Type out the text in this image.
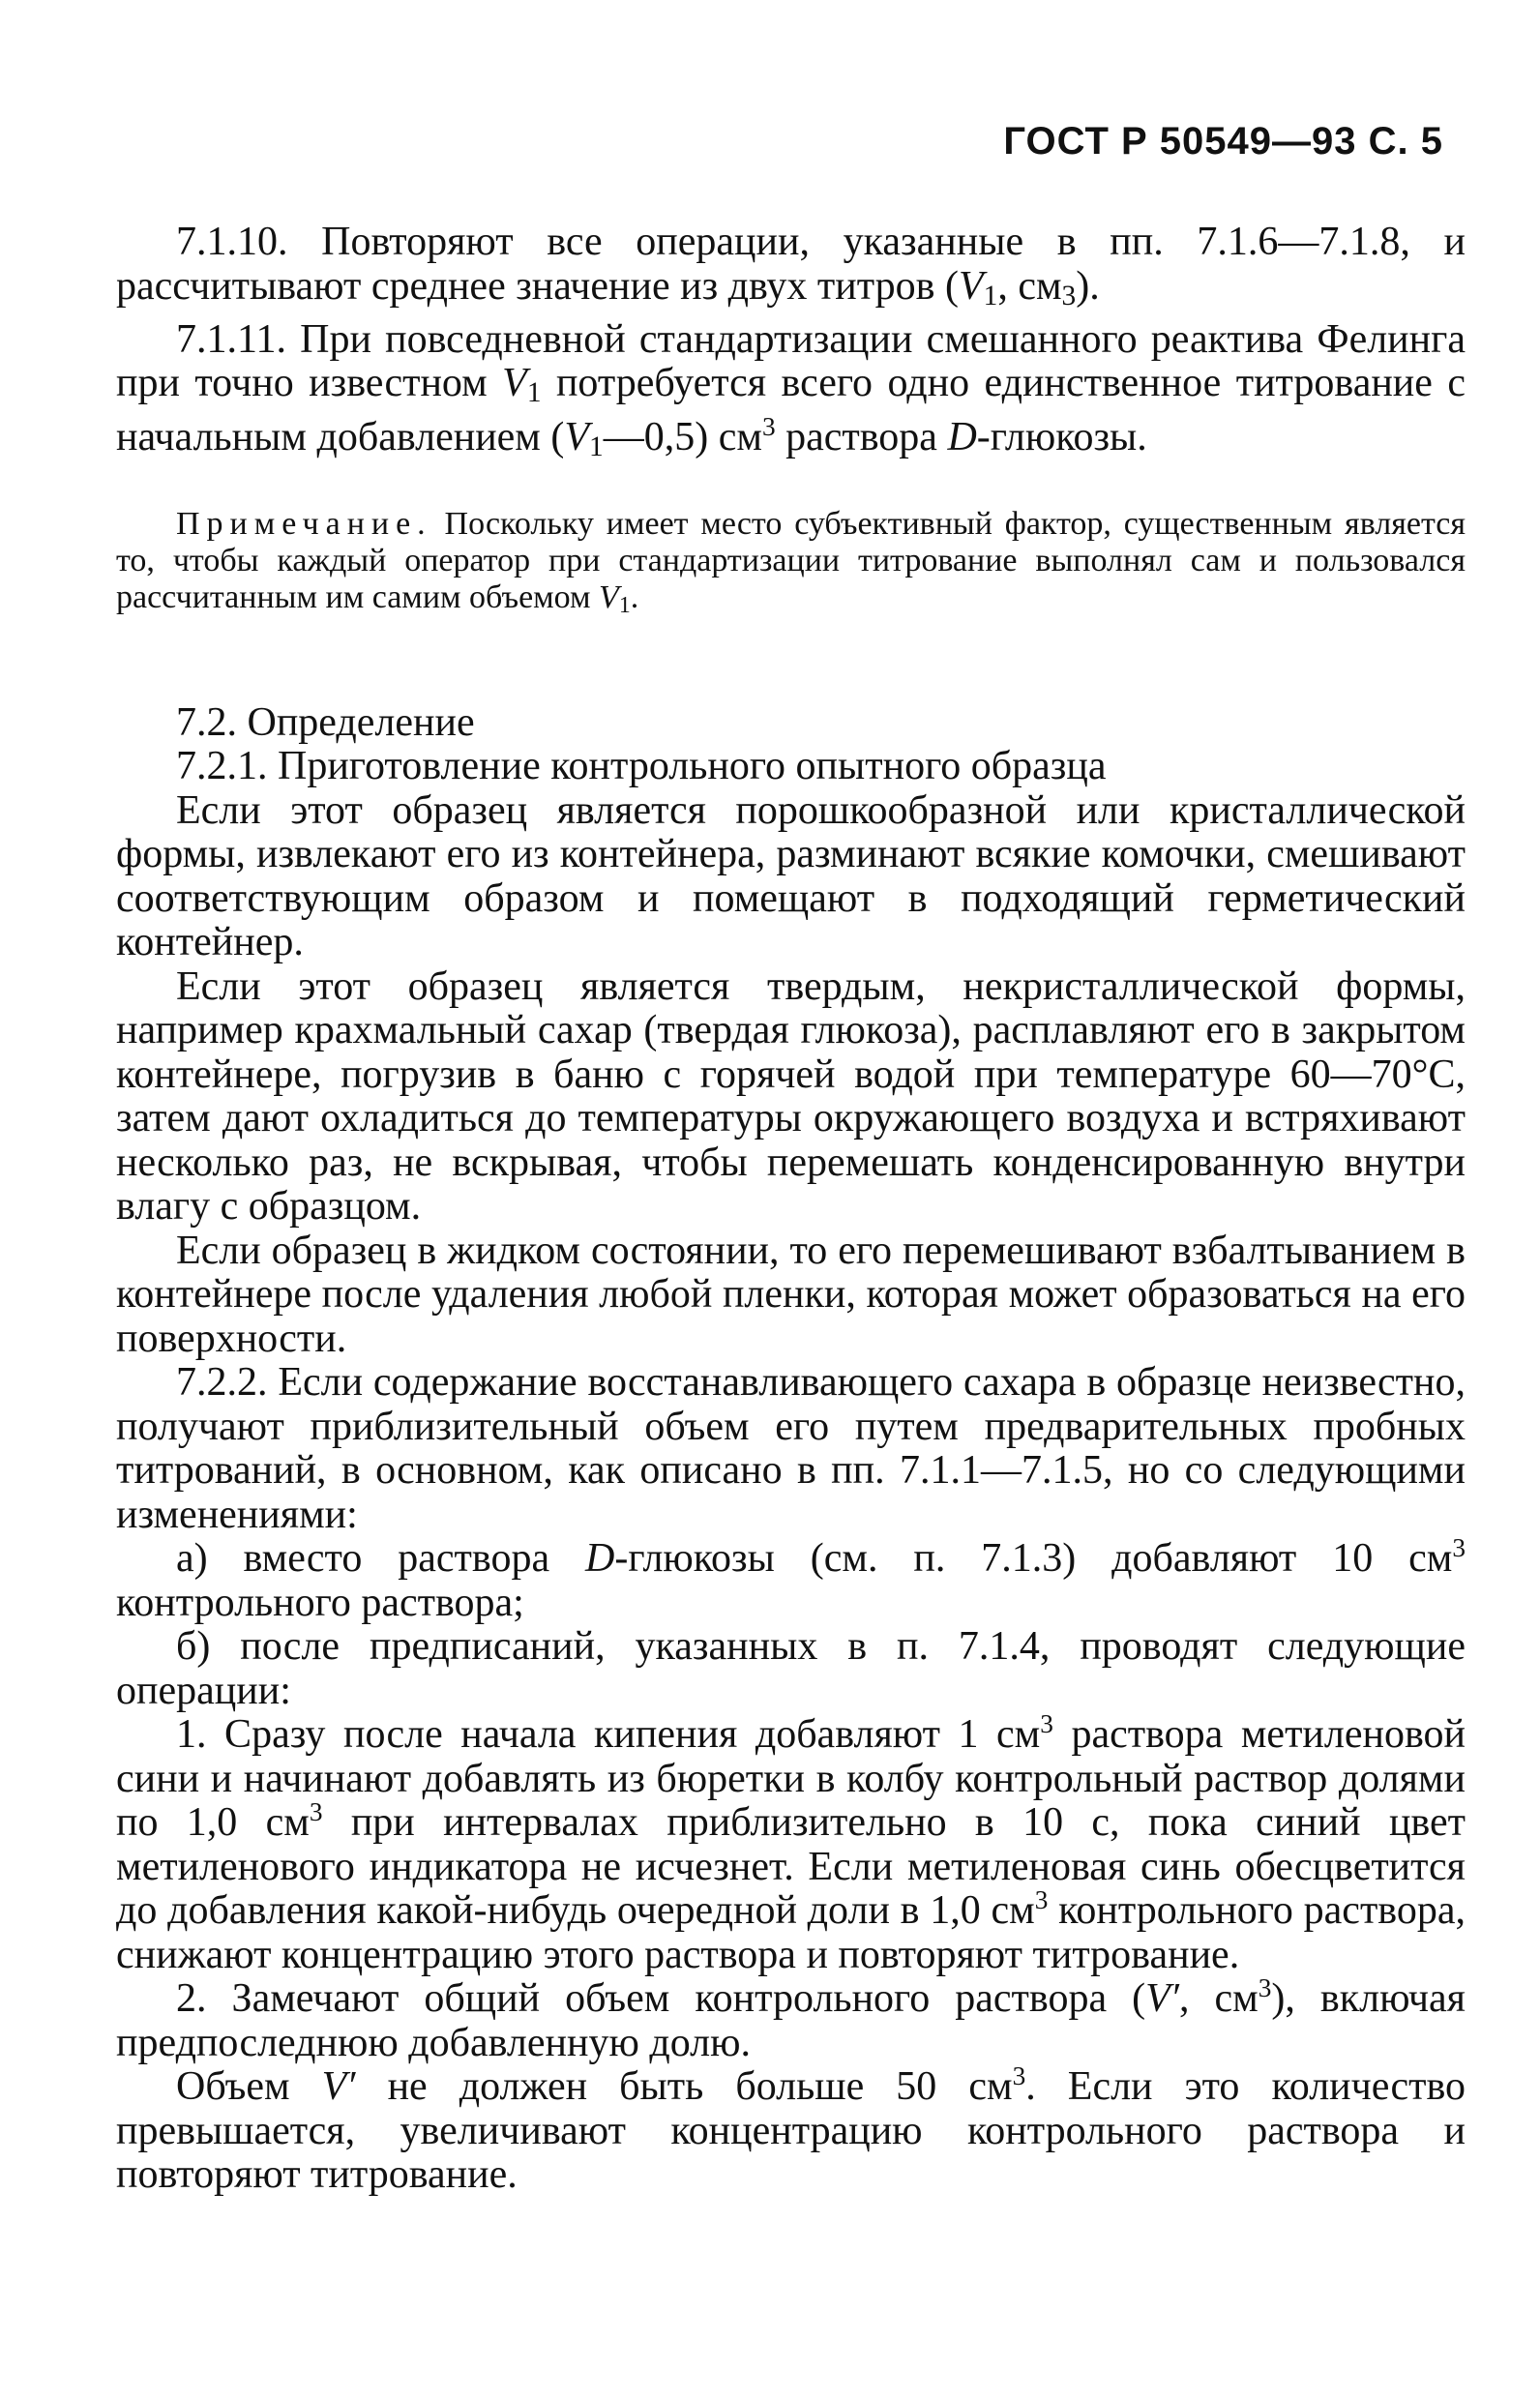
ГОСТ Р 50549—93 С. 5

7.1.10. Повторяют все операции, указанные в пп. 7.1.6—7.1.8, и рассчитывают среднее значение из двух титров ($V_1$, $см_3$).

7.1.11. При повседневной стандартизации смешанного реактива Фелинга при точно известном $V_1$ потребуется всего одно единственное титрование с начальным добавлением $(V_1—0,5)$ $см^3$ раствора D-глюкозы.

Примечание. Поскольку имеет место субъективный фактор, существенным является то, чтобы каждый оператор при стандартизации титрование выполнял сам и пользовался рассчитанным им самим объемом V1.

7.2. Определение

7.2.1. Приготовление контрольного опытного образца

Если этот образец является порошкообразной или кристаллической формы, извлекают его из контейнера, разминают всякие комочки, смешивают соответствующим образом и помещают в подходящий герметический контейнер.

Если этот образец является твердым, некристаллической формы, например крахмальный сахар (твердая глюкоза), расплавляют его в закрытом контейнере, погрузив в баню с горячей водой при температуре 60—70°С, затем дают охладиться до температуры окружающего воздуха и встряхивают несколько раз, не вскрывая, чтобы перемешать конденсированную внутри влагу с образцом.

Если образец в жидком состоянии, то его перемешивают взбалтыванием в контейнере после удаления любой пленки, которая может образоваться на его поверхности.

7.2.2. Если содержание восстанавливающего сахара в образце неизвестно, получают приблизительный объем его путем предварительных пробных титрований, в основном, как описано в пп. 7.1.1—7.1.5, но со следующими изменениями:

а) вместо раствора D-глюкозы (см. п. 7.1.3) добавляют 10 $см^3$ контрольного раствора;

б) после предписаний, указанных в п. 7.1.4, проводят следующие операции:

1. Сразу после начала кипения добавляют 1 $см^3$ раствора метиленовой сини и начинают добавлять из бюретки в колбу контрольный раствор долями по 1,0 $см^3$ при интервалах приблизительно в 10 с, пока синий цвет метиленового индикатора не исчезнет. Если метиленовая синь обесцветится до добавления какой-нибудь очередной доли в 1,0 $см^3$ контрольного раствора, снижают концентрацию этого раствора и повторяют титрование.

2. Замечают общий объем контрольного раствора (V′, $см^3$), включая предпоследнюю добавленную долю.

Объем V′ не должен быть больше 50 $см^3$. Если это количество превышается, увеличивают концентрацию контрольного раствора и повторяют титрование.
